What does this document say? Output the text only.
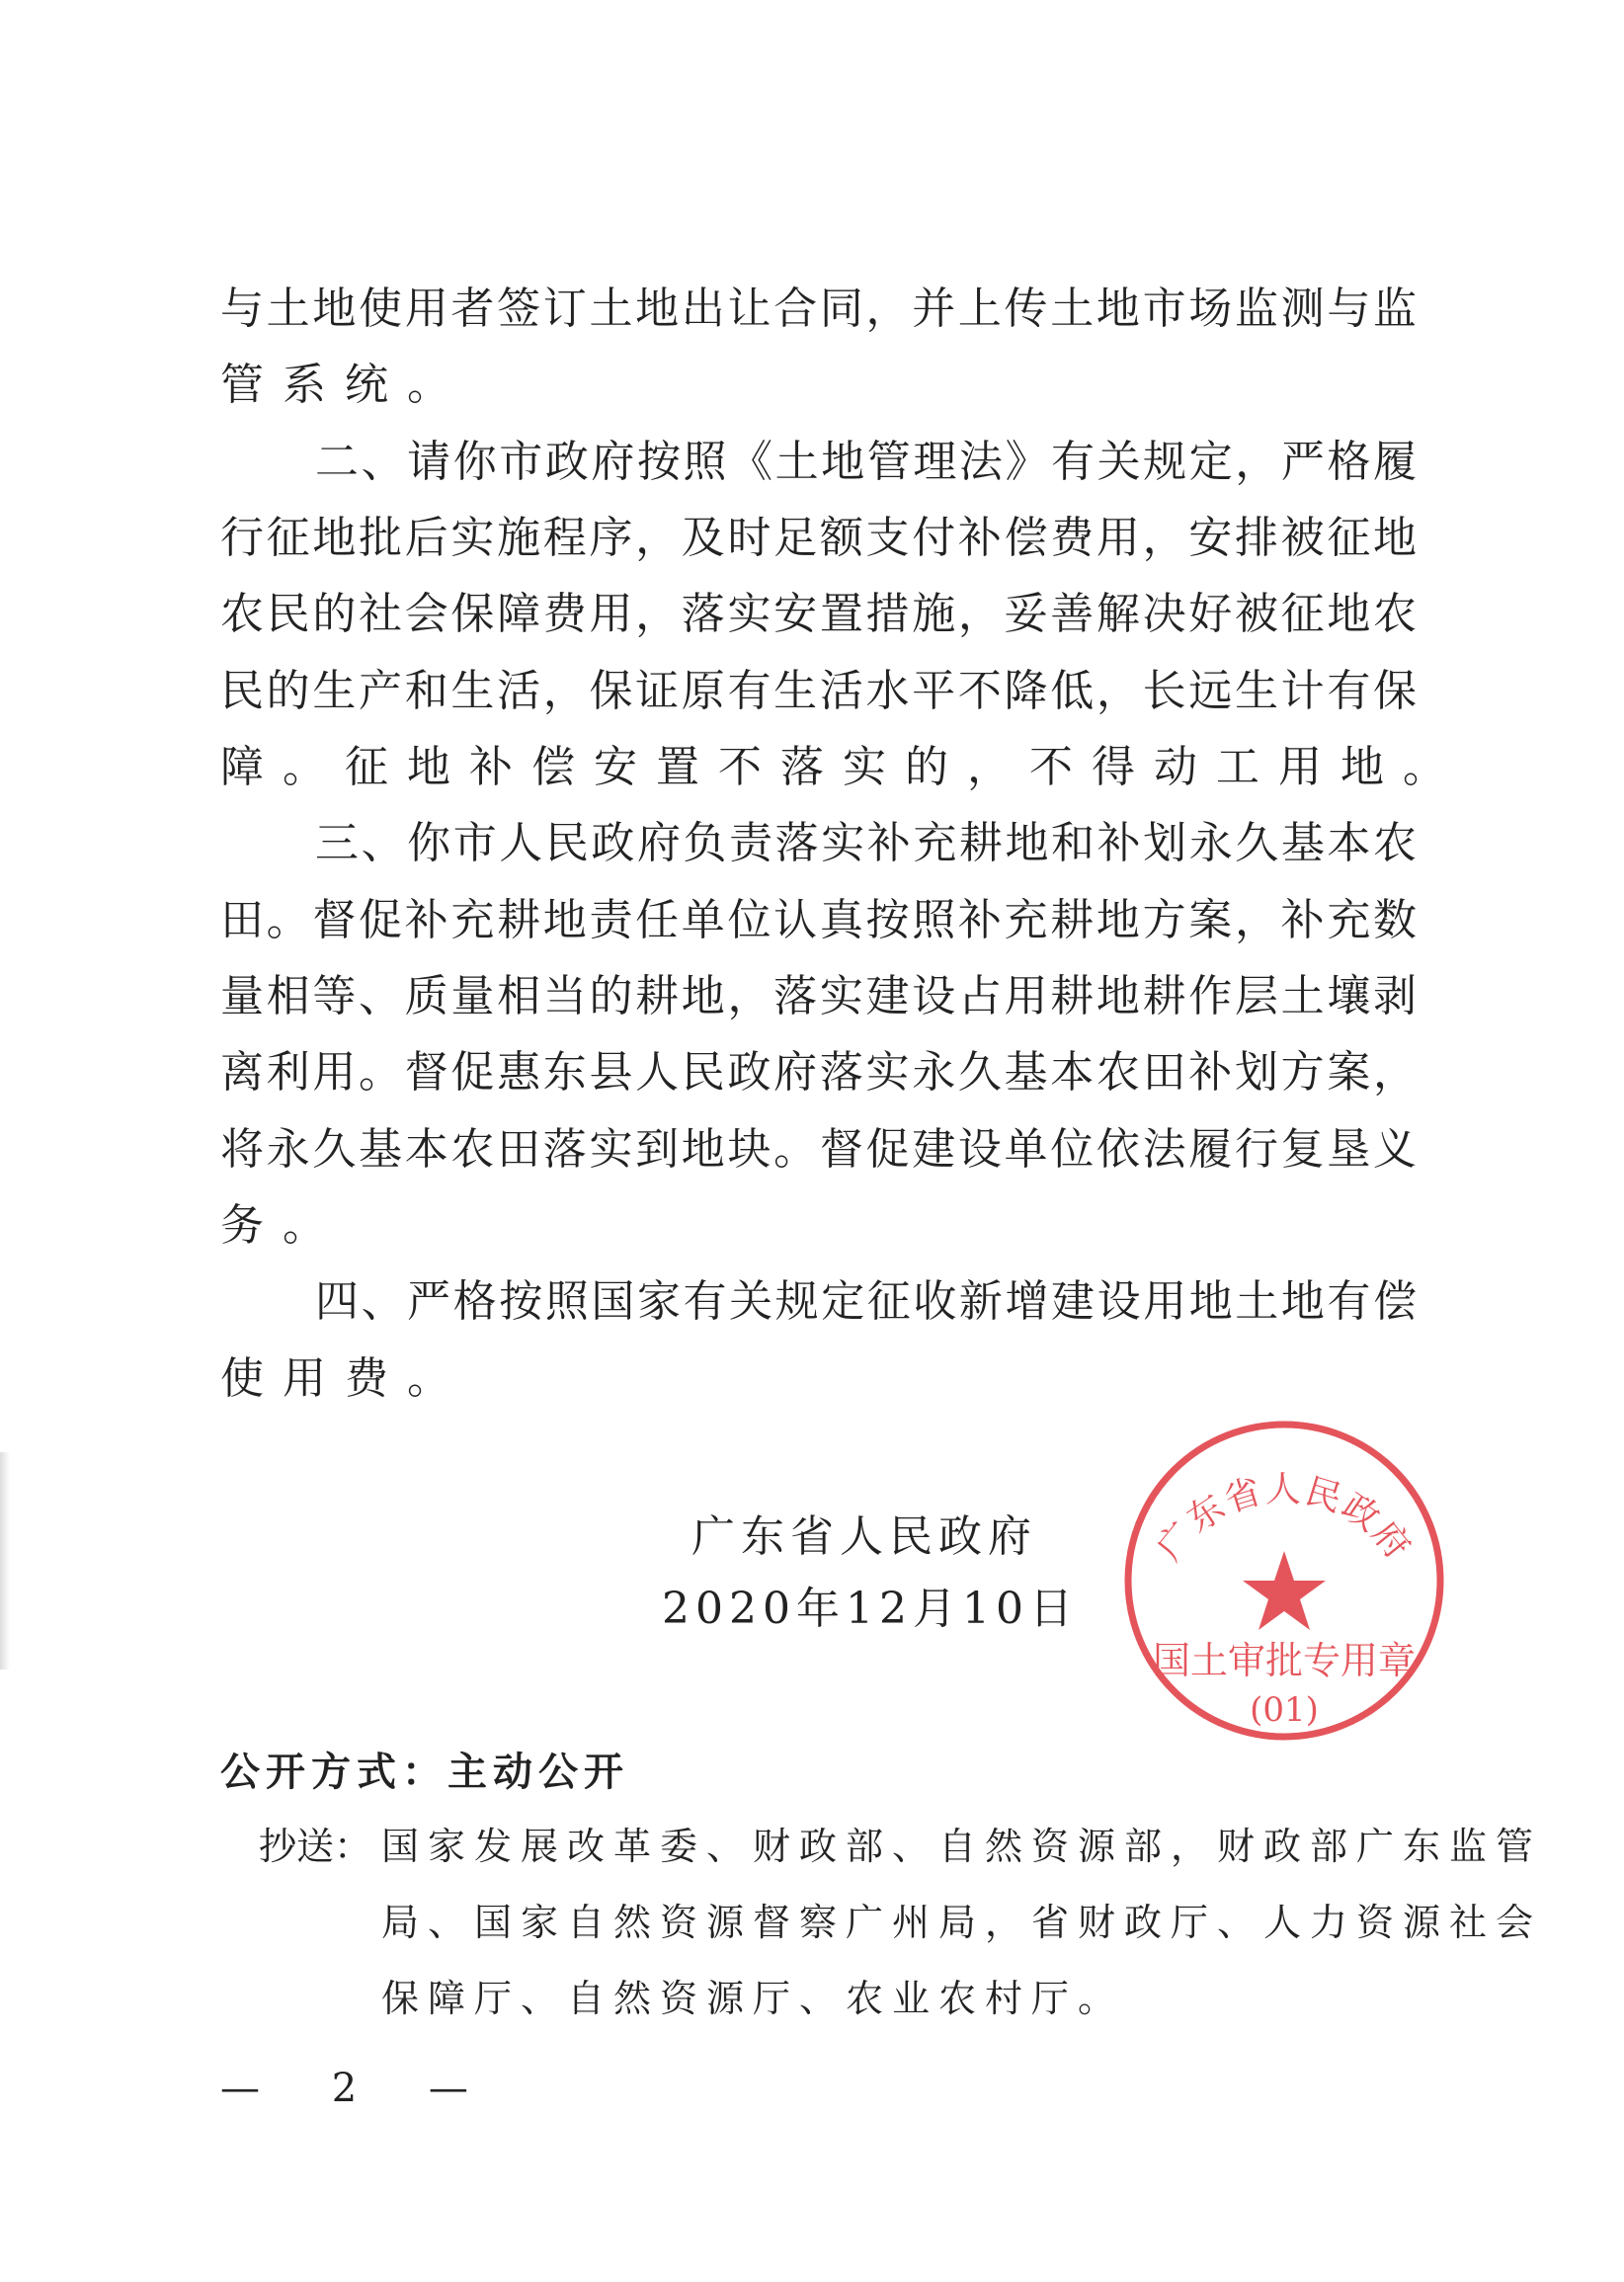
与土地使用者签订土地出让合同，并上传土地市场监测与监
管系统。
二、请你市政府按照《土地管理法》有关规定，严格履
行征地批后实施程序，及时足额支付补偿费用，安排被征地
农民的社会保障费用，落实安置措施，妥善解决好被征地农
民的生产和生活，保证原有生活水平不降低，长远生计有保
障。征地补偿安置不落实的，不得动工用地。
三、你市人民政府负责落实补充耕地和补划永久基本农
田。督促补充耕地责任单位认真按照补充耕地方案，补充数
量相等、质量相当的耕地，落实建设占用耕地耕作层土壤剥
离利用。督促惠东县人民政府落实永久基本农田补划方案，
将永久基本农田落实到地块。督促建设单位依法履行复垦义
务。
四、严格按照国家有关规定征收新增建设用地土地有偿
使用费。
广东省人民政府
2020年12月10日
广东省人民政府
国土审批专用章
(01)
公开方式：主动公开
抄送： 国家发展改革委、财政部、自然资源部，财政部广东监管
局、国家自然资源督察广州局，省财政厅、人力资源社会
保障厅、自然资源厅、农业农村厅。
— 2 —
